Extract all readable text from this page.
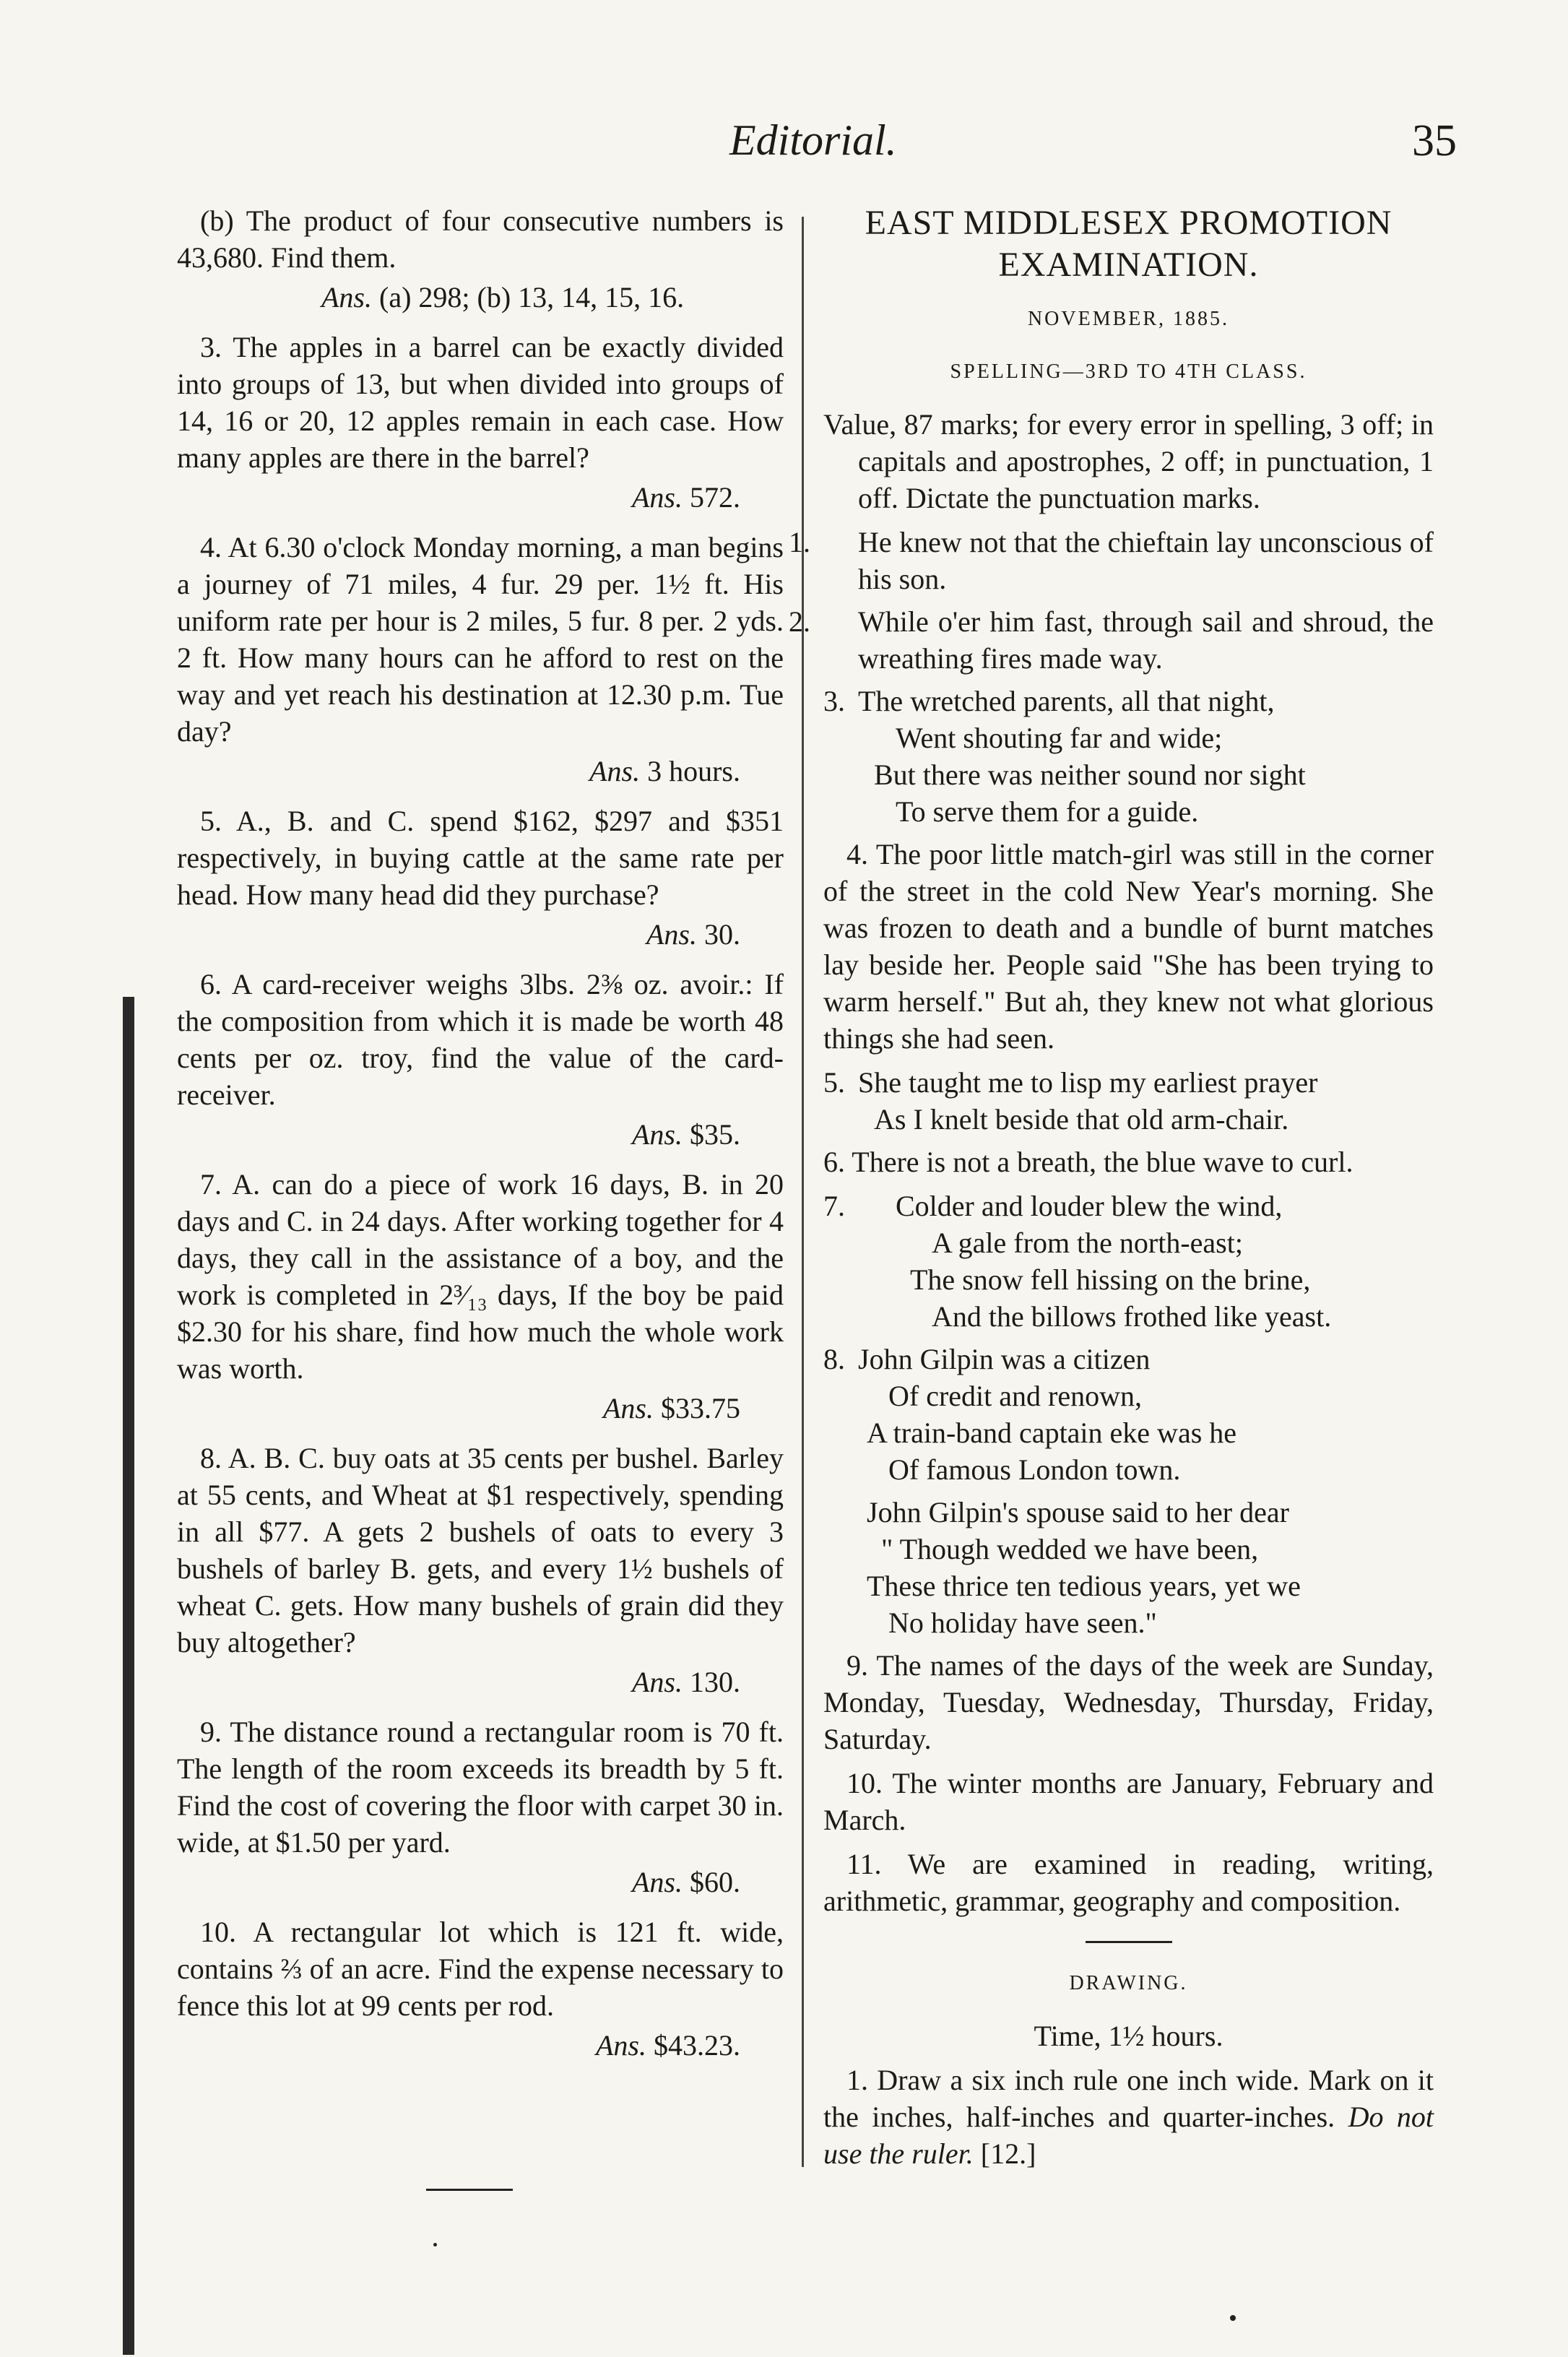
Editorial.	35

(b) The product of four consecutive numbers is 43,680. Find them.

Ans. (a) 298; (b) 13, 14, 15, 16.

3. The apples in a barrel can be exactly divided into groups of 13, but when divided into groups of 14, 16 or 20, 12 apples remain in each case. How many apples are there in the barrel?

Ans. 572.

4. At 6.30 o'clock Monday morning, a man begins a journey of 71 miles, 4 fur. 29 per. 1½ ft. His uniform rate per hour is 2 miles, 5 fur. 8 per. 2 yds. 2 ft. How many hours can he afford to rest on the way and yet reach his destination at 12.30 p.m. Tue day?

Ans. 3 hours.

5. A., B. and C. spend $162, $297 and $351 respectively, in buying cattle at the same rate per head. How many head did they purchase?

Ans. 30.

6. A card-receiver weighs 3lbs. 2⅜ oz. avoir.: If the composition from which it is made be worth 48 cents per oz. troy, find the value of the card-receiver.

Ans. $35.

7. A. can do a piece of work 16 days, B. in 20 days and C. in 24 days. After working together for 4 days, they call in the assistance of a boy, and the work is completed in 2³⁄₁₃ days, If the boy be paid $2.30 for his share, find how much the whole work was worth.

Ans. $33.75

8. A. B. C. buy oats at 35 cents per bushel. Barley at 55 cents, and Wheat at $1 respectively, spending in all $77. A gets 2 bushels of oats to every 3 bushels of barley B. gets, and every 1½ bushels of wheat C. gets. How many bushels of grain did they buy altogether?

Ans. 130.

9. The distance round a rectangular room is 70 ft. The length of the room exceeds its breadth by 5 ft. Find the cost of covering the floor with carpet 30 in. wide, at $1.50 per yard.

Ans. $60.

10. A rectangular lot which is 121 ft. wide, contains ⅔ of an acre. Find the expense necessary to fence this lot at 99 cents per rod.

Ans. $43.23.

EAST MIDDLESEX PROMOTION
EXAMINATION.
NOVEMBER, 1885.
SPELLING—3RD TO 4TH CLASS.

Value, 87 marks; for every error in spelling, 3 off; in capitals and apostrophes, 2 off; in punctuation, 1 off. Dictate the punctuation marks.

1. He knew not that the chieftain lay unconscious of his son.
2. While o'er him fast, through sail and shroud, the wreathing fires made way.

3. The wretched parents, all that night,

Went shouting far and wide;

But there was neither sound nor sight

To serve them for a guide.

4. The poor little match-girl was still in the corner of the street in the cold New Year's morning. She was frozen to death and a bundle of burnt matches lay beside her. People said "She has been trying to warm herself." But ah, they knew not what glorious things she had seen.

5. She taught me to lisp my earliest prayer

As I knelt beside that old arm-chair.

6. There is not a breath, the blue wave to curl.

7. Colder and louder blew the wind,

A gale from the north-east;

The snow fell hissing on the brine,

And the billows frothed like yeast.

8. John Gilpin was a citizen

Of credit and renown,

A train-band captain eke was he

Of famous London town.

John Gilpin's spouse said to her dear

" Though wedded we have been,

These thrice ten tedious years, yet we

No holiday have seen."

9. The names of the days of the week are Sunday, Monday, Tuesday, Wednesday, Thursday, Friday, Saturday.

10. The winter months are January, February and March.

11. We are examined in reading, writing, arithmetic, grammar, geography and composition.

DRAWING.

Time, 1½ hours.

1. Draw a six inch rule one inch wide. Mark on it the inches, half-inches and quarter-inches. Do not use the ruler. [12.]
